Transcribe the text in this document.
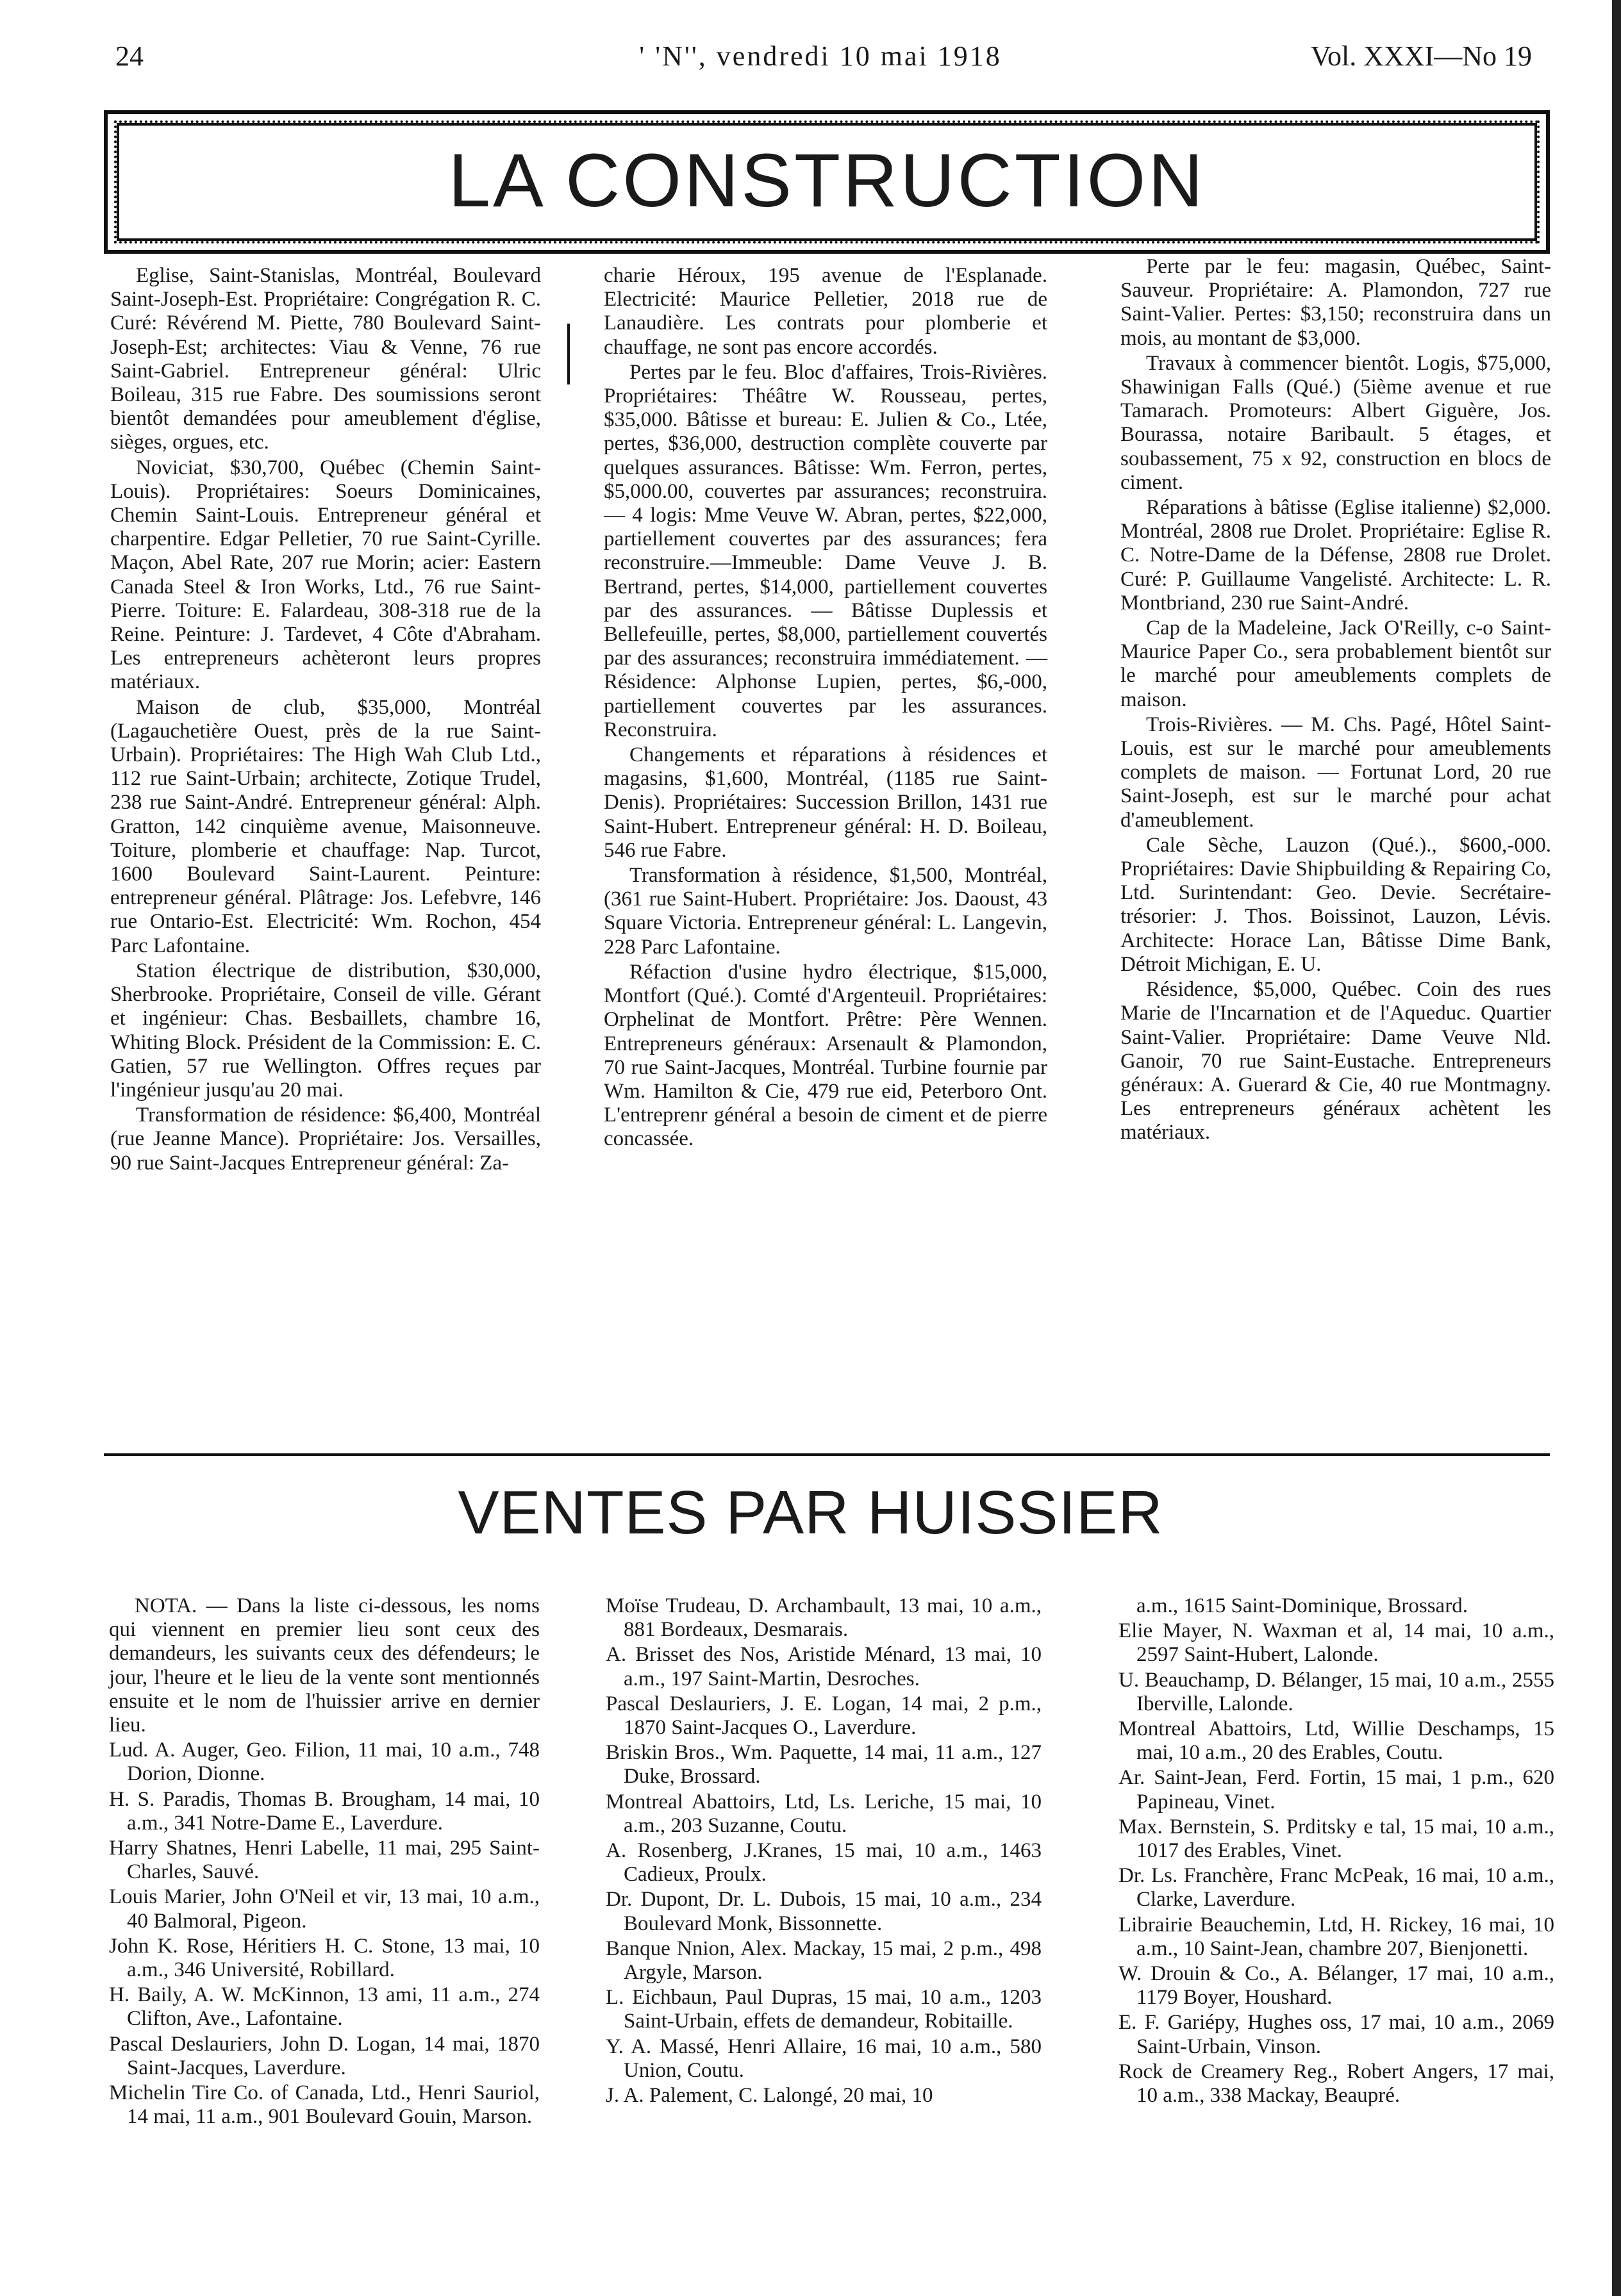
24	' 'N'', vendredi 10 mai 1918	Vol. XXXI—No 19
LA CONSTRUCTION

Eglise, Saint-Stanislas, Montréal, Boulevard Saint-Joseph-Est. Propriétaire: Congrégation R. C. Curé: Révérend M. Piette, 780 Boulevard Saint-Joseph-Est; architectes: Viau & Venne, 76 rue Saint-Gabriel. Entrepreneur général: Ulric Boileau, 315 rue Fabre. Des soumissions seront bientôt demandées pour ameublement d'église, sièges, orgues, etc.

Noviciat, $30,700, Québec (Chemin Saint-Louis). Propriétaires: Soeurs Dominicaines, Chemin Saint-Louis. Entrepreneur général et charpentire. Edgar Pelletier, 70 rue Saint-Cyrille. Maçon, Abel Rate, 207 rue Morin; acier: Eastern Canada Steel & Iron Works, Ltd., 76 rue Saint-Pierre. Toiture: E. Falardeau, 308-318 rue de la Reine. Peinture: J. Tardevet, 4 Côte d'Abraham. Les entrepreneurs achèteront leurs propres matériaux.

Maison de club, $35,000, Montréal (Lagauchetière Ouest, près de la rue Saint-Urbain). Propriétaires: The High Wah Club Ltd., 112 rue Saint-Urbain; architecte, Zotique Trudel, 238 rue Saint-André. Entrepreneur général: Alph. Gratton, 142 cinquième avenue, Maisonneuve. Toiture, plomberie et chauffage: Nap. Turcot, 1600 Boulevard Saint-Laurent. Peinture: entrepreneur général. Plâtrage: Jos. Lefebvre, 146 rue Ontario-Est. Electricité: Wm. Rochon, 454 Parc Lafontaine.

Station électrique de distribution, $30,000, Sherbrooke. Propriétaire, Conseil de ville. Gérant et ingénieur: Chas. Besbaillets, chambre 16, Whiting Block. Président de la Commission: E. C. Gatien, 57 rue Wellington. Offres reçues par l'ingénieur jusqu'au 20 mai.

Transformation de résidence: $6,400, Montréal (rue Jeanne Mance). Propriétaire: Jos. Versailles, 90 rue Saint-Jacques Entrepreneur général: Za-

charie Héroux, 195 avenue de l'Esplanade. Electricité: Maurice Pelletier, 2018 rue de Lanaudière. Les contrats pour plomberie et chauffage, ne sont pas encore accordés.

Pertes par le feu. Bloc d'affaires, Trois-Rivières. Propriétaires: Théâtre W. Rousseau, pertes, $35,000. Bâtisse et bureau: E. Julien & Co., Ltée, pertes, $36,000, destruction complète couverte par quelques assurances. Bâtisse: Wm. Ferron, pertes, $5,000.00, couvertes par assurances; reconstruira. — 4 logis: Mme Veuve W. Abran, pertes, $22,000, partiellement couvertes par des assurances; fera reconstruire.—Immeuble: Dame Veuve J. B. Bertrand, pertes, $14,000, partiellement couvertes par des assurances. — Bâtisse Duplessis et Bellefeuille, pertes, $8,000, partiellement couvertés par des assurances; reconstruira immédiatement. — Résidence: Alphonse Lupien, pertes, $6,-000, partiellement couvertes par les assurances. Reconstruira.

Changements et réparations à résidences et magasins, $1,600, Montréal, (1185 rue Saint-Denis). Propriétaires: Succession Brillon, 1431 rue Saint-Hubert. Entrepreneur général: H. D. Boileau, 546 rue Fabre.

Transformation à résidence, $1,500, Montréal, (361 rue Saint-Hubert. Propriétaire: Jos. Daoust, 43 Square Victoria. Entrepreneur général: L. Langevin, 228 Parc Lafontaine.

Réfaction d'usine hydro électrique, $15,000, Montfort (Qué.). Comté d'Argenteuil. Propriétaires: Orphelinat de Montfort. Prêtre: Père Wennen. Entrepreneurs généraux: Arsenault & Plamondon, 70 rue Saint-Jacques, Montréal. Turbine fournie par Wm. Hamilton & Cie, 479 rue eid, Peterboro Ont. L'entreprenr général a besoin de ciment et de pierre concassée.

Perte par le feu: magasin, Québec, Saint-Sauveur. Propriétaire: A. Plamondon, 727 rue Saint-Valier. Pertes: $3,150; reconstruira dans un mois, au montant de $3,000.

Travaux à commencer bientôt. Logis, $75,000, Shawinigan Falls (Qué.) (5ième avenue et rue Tamarach. Promoteurs: Albert Giguère, Jos. Bourassa, notaire Baribault. 5 étages, et soubassement, 75 x 92, construction en blocs de ciment.

Réparations à bâtisse (Eglise italienne) $2,000. Montréal, 2808 rue Drolet. Propriétaire: Eglise R. C. Notre-Dame de la Défense, 2808 rue Drolet. Curé: P. Guillaume Vangelisté. Architecte: L. R. Montbriand, 230 rue Saint-André.

Cap de la Madeleine, Jack O'Reilly, c-o Saint-Maurice Paper Co., sera probablement bientôt sur le marché pour ameublements complets de maison.

Trois-Rivières. — M. Chs. Pagé, Hôtel Saint-Louis, est sur le marché pour ameublements complets de maison. — Fortunat Lord, 20 rue Saint-Joseph, est sur le marché pour achat d'ameublement.

Cale Sèche, Lauzon (Qué.)., $600,-000. Propriétaires: Davie Shipbuilding & Repairing Co, Ltd. Surintendant: Geo. Devie. Secrétaire-trésorier: J. Thos. Boissinot, Lauzon, Lévis. Architecte: Horace Lan, Bâtisse Dime Bank, Détroit Michigan, E. U.

Résidence, $5,000, Québec. Coin des rues Marie de l'Incarnation et de l'Aqueduc. Quartier Saint-Valier. Propriétaire: Dame Veuve Nld. Ganoir, 70 rue Saint-Eustache. Entrepreneurs généraux: A. Guerard & Cie, 40 rue Montmagny. Les entrepreneurs généraux achètent les matériaux.

VENTES PAR HUISSIER

NOTA. — Dans la liste ci-dessous, les noms qui viennent en premier lieu sont ceux des demandeurs, les suivants ceux des défendeurs; le jour, l'heure et le lieu de la vente sont mentionnés ensuite et le nom de l'huissier arrive en dernier lieu.

Lud. A. Auger, Geo. Filion, 11 mai, 10 a.m., 748 Dorion, Dionne.

H. S. Paradis, Thomas B. Brougham, 14 mai, 10 a.m., 341 Notre-Dame E., Laverdure.

Harry Shatnes, Henri Labelle, 11 mai, 295 Saint-Charles, Sauvé.

Louis Marier, John O'Neil et vir, 13 mai, 10 a.m., 40 Balmoral, Pigeon.

John K. Rose, Héritiers H. C. Stone, 13 mai, 10 a.m., 346 Université, Robillard.

H. Baily, A. W. McKinnon, 13 ami, 11 a.m., 274 Clifton, Ave., Lafontaine.

Pascal Deslauriers, John D. Logan, 14 mai, 1870 Saint-Jacques, Laverdure.

Michelin Tire Co. of Canada, Ltd., Henri Sauriol, 14 mai, 11 a.m., 901 Boulevard Gouin, Marson.

Moïse Trudeau, D. Archambault, 13 mai, 10 a.m., 881 Bordeaux, Desmarais.

A. Brisset des Nos, Aristide Ménard, 13 mai, 10 a.m., 197 Saint-Martin, Desroches.

Pascal Deslauriers, J. E. Logan, 14 mai, 2 p.m., 1870 Saint-Jacques O., Laverdure.

Briskin Bros., Wm. Paquette, 14 mai, 11 a.m., 127 Duke, Brossard.

Montreal Abattoirs, Ltd, Ls. Leriche, 15 mai, 10 a.m., 203 Suzanne, Coutu.

A. Rosenberg, J.Kranes, 15 mai, 10 a.m., 1463 Cadieux, Proulx.

Dr. Dupont, Dr. L. Dubois, 15 mai, 10 a.m., 234 Boulevard Monk, Bissonnette.

Banque Nnion, Alex. Mackay, 15 mai, 2 p.m., 498 Argyle, Marson.

L. Eichbaun, Paul Dupras, 15 mai, 10 a.m., 1203 Saint-Urbain, effets de demandeur, Robitaille.

Y. A. Massé, Henri Allaire, 16 mai, 10 a.m., 580 Union, Coutu.

J. A. Palement, C. Lalongé, 20 mai, 10

a.m., 1615 Saint-Dominique, Brossard.

Elie Mayer, N. Waxman et al, 14 mai, 10 a.m., 2597 Saint-Hubert, Lalonde.

U. Beauchamp, D. Bélanger, 15 mai, 10 a.m., 2555 Iberville, Lalonde.

Montreal Abattoirs, Ltd, Willie Deschamps, 15 mai, 10 a.m., 20 des Erables, Coutu.

Ar. Saint-Jean, Ferd. Fortin, 15 mai, 1 p.m., 620 Papineau, Vinet.

Max. Bernstein, S. Prditsky e tal, 15 mai, 10 a.m., 1017 des Erables, Vinet.

Dr. Ls. Franchère, Franc McPeak, 16 mai, 10 a.m., Clarke, Laverdure.

Librairie Beauchemin, Ltd, H. Rickey, 16 mai, 10 a.m., 10 Saint-Jean, chambre 207, Bienjonetti.

W. Drouin & Co., A. Bélanger, 17 mai, 10 a.m., 1179 Boyer, Houshard.

E. F. Gariépy, Hughes oss, 17 mai, 10 a.m., 2069 Saint-Urbain, Vinson.

Rock de Creamery Reg., Robert Angers, 17 mai, 10 a.m., 338 Mackay, Beaupré.
